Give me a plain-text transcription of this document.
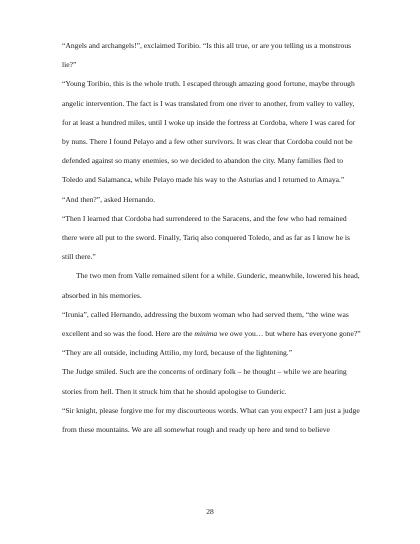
“Angels and archangels!”, exclaimed Toribio. “Is this all true, or are you telling us a monstrous lie?”

“Young Toribio, this is the whole truth. I escaped through amazing good fortune, maybe through angelic intervention. The fact is I was translated from one river to another, from valley to valley, for at least a hundred miles, until I woke up inside the fortress at Cordoba, where I was cared for by nuns. There I found Pelayo and a few other survivors. It was clear that Cordoba could not be defended against so many enemies, so we decided to abandon the city. Many families fled to Toledo and Salamanca, while Pelayo made his way to the Asturias and I returned to Amaya.”

“And then?”, asked Hernando.

“Then I learned that Cordoba had surrendered to the Saracens, and the few who had remained there were all put to the sword. Finally, Tariq also conquered Toledo, and as far as I know he is still there.”

The two men from Valle remained silent for a while. Gunderic, meanwhile, lowered his head, absorbed in his memories.

“Irunia”, called Hernando, addressing the buxom woman who had served them, “the wine was excellent and so was the food. Here are the minima we owe you… but where has everyone gone?”

“They are all outside, including Attilio, my lord, because of the lightening.”

The Judge smiled. Such are the concerns of ordinary folk – he thought – while we are hearing stories from hell. Then it struck him that he should apologise to Gunderic.

“Sir knight, please forgive me for my discourteous words. What can you expect? I am just a judge from these mountains. We are all somewhat rough and ready up here and tend to believe

28
